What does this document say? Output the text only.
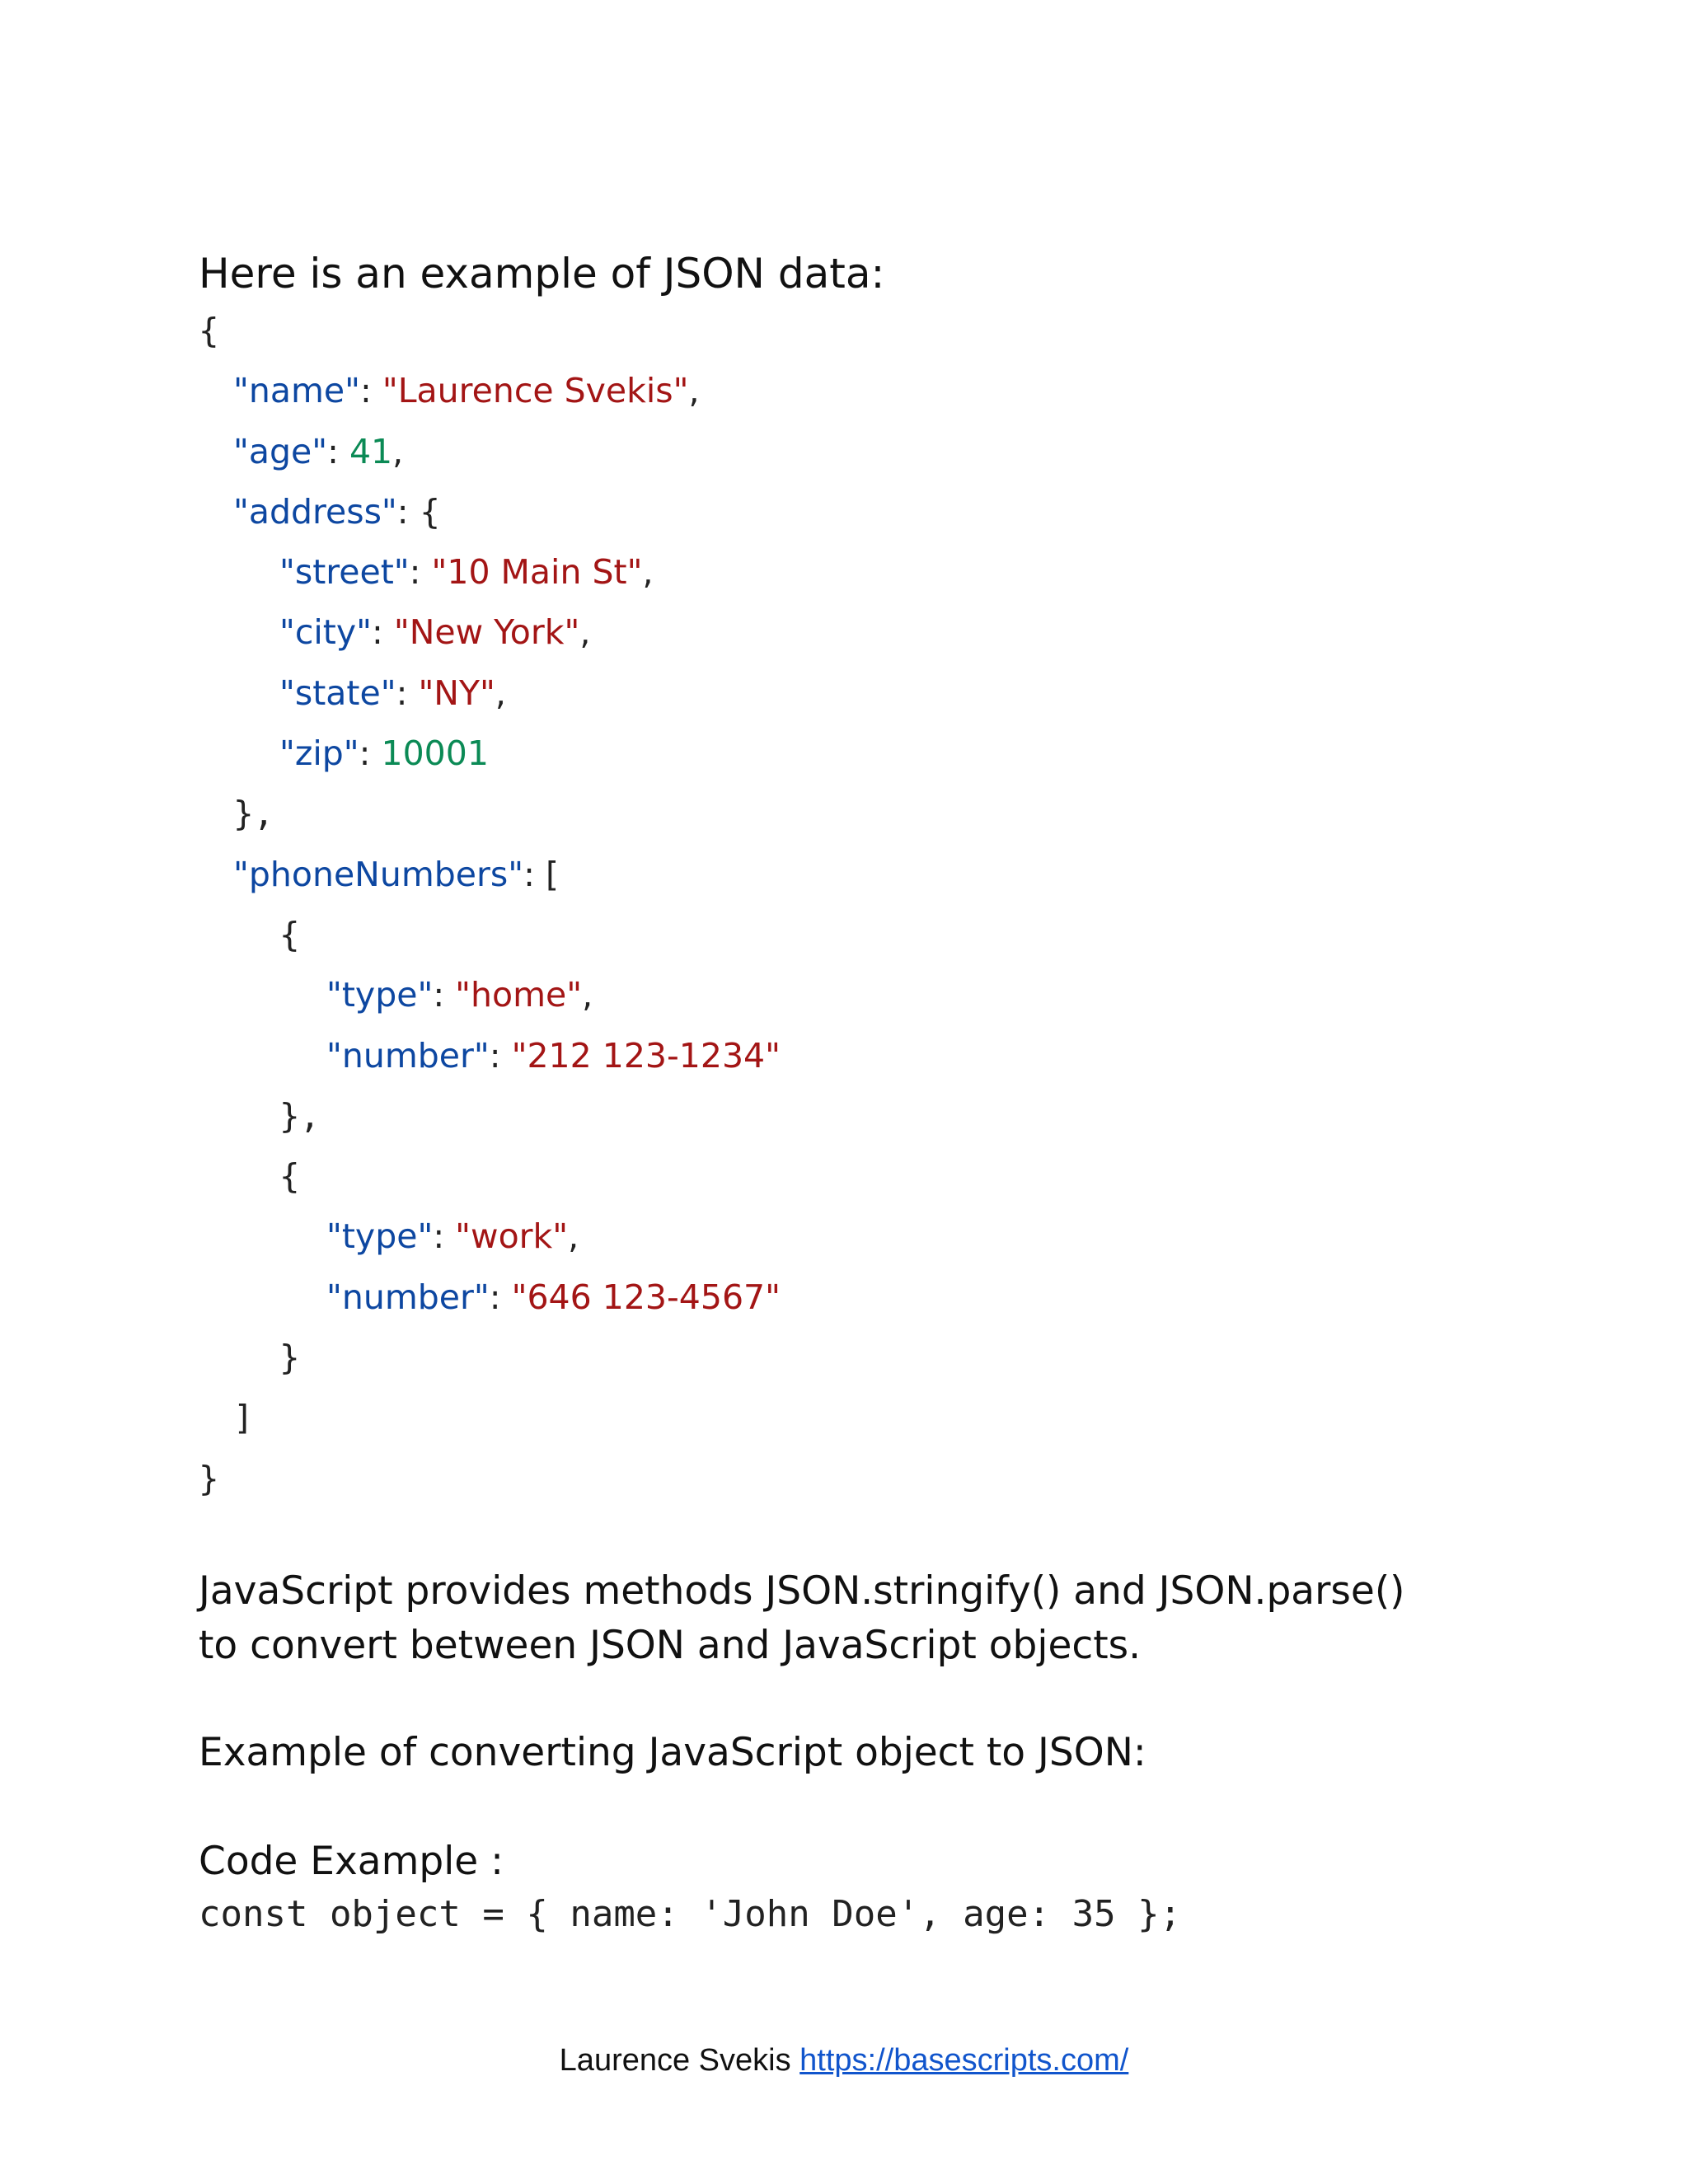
Here is an example of JSON data:
{
"name": "Laurence Svekis",
"age": 41,
"address": {
"street": "10 Main St",
"city": "New York",
"state": "NY",
"zip": 10001
},
"phoneNumbers": [
{
"type": "home",
"number": "212 123-1234"
},
{
"type": "work",
"number": "646 123-4567"
}
]
}
JavaScript provides methods JSON.stringify() and JSON.parse()
to convert between JSON and JavaScript objects.
Example of converting JavaScript object to JSON:
Code Example :
const object = { name: 'John Doe', age: 35 };
Laurence Svekis https://basescripts.com/
